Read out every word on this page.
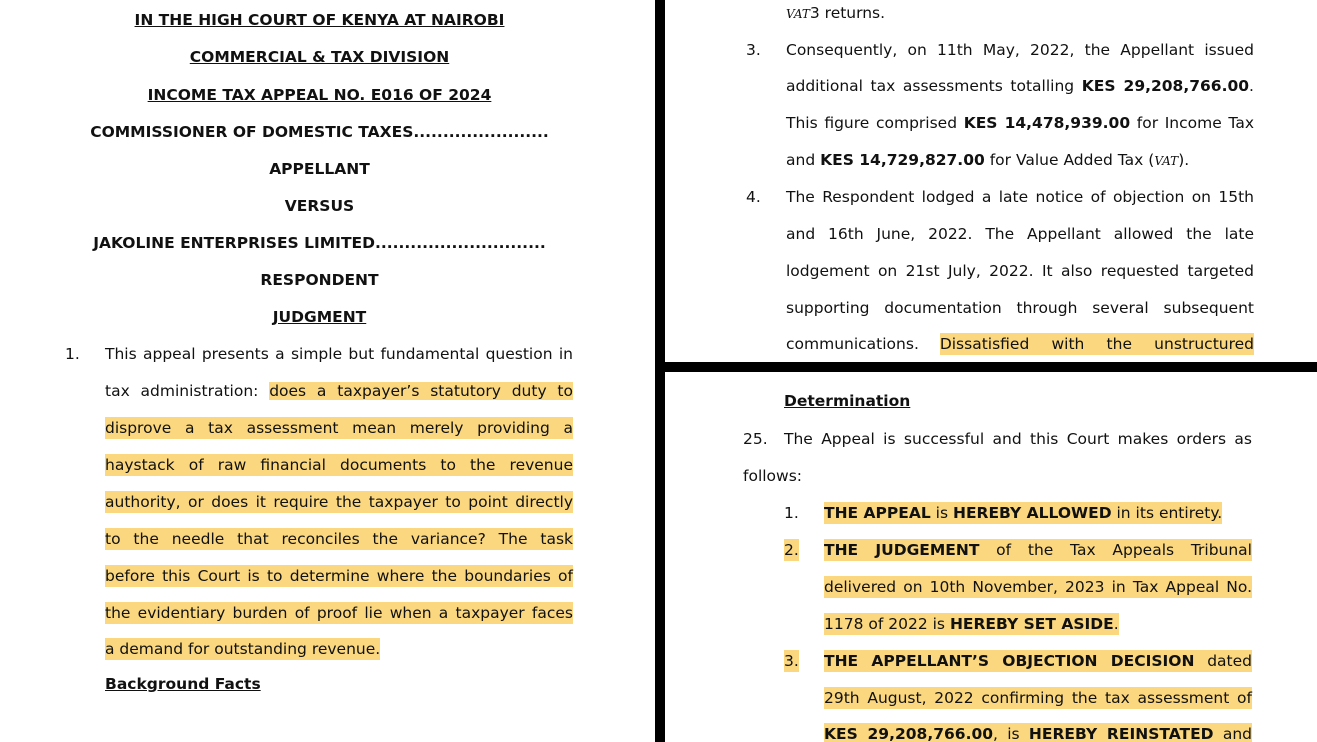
IN THE HIGH COURT OF KENYA AT NAIROBI
COMMERCIAL & TAX DIVISION
INCOME TAX APPEAL NO. E016 OF 2024
COMMISSIONER OF DOMESTIC TAXES.......................
APPELLANT
VERSUS
JAKOLINE ENTERPRISES LIMITED.............................
RESPONDENT
JUDGMENT
1. This appeal presents a simple but fundamental question in
tax administration: does a taxpayer’s statutory duty to
disprove a tax assessment mean merely providing a
haystack of raw financial documents to the revenue
authority, or does it require the taxpayer to point directly
to the needle that reconciles the variance? The task
before this Court is to determine where the boundaries of
the evidentiary burden of proof lie when a taxpayer faces
a demand for outstanding revenue.
Background Facts
VAT3 returns.
3. Consequently, on 11th May, 2022, the Appellant issued
additional tax assessments totalling KES 29,208,766.00.
This figure comprised KES 14,478,939.00 for Income Tax
and KES 14,729,827.00 for Value Added Tax (VAT).
4. The Respondent lodged a late notice of objection on 15th
and 16th June, 2022. The Appellant allowed the late
lodgement on 21st July, 2022. It also requested targeted
supporting documentation through several subsequent
communications. Dissatisfied with the unstructured
Determination
25. The Appeal is successful and this Court makes orders as
follows:
1. THE APPEAL is HEREBY ALLOWED in its entirety.
2. THE JUDGEMENT of the Tax Appeals Tribunal
delivered on 10th November, 2023 in Tax Appeal No.
1178 of 2022 is HEREBY SET ASIDE.
3. THE APPELLANT’S OBJECTION DECISION dated
29th August, 2022 confirming the tax assessment of
KES 29,208,766.00, is HEREBY REINSTATED and
